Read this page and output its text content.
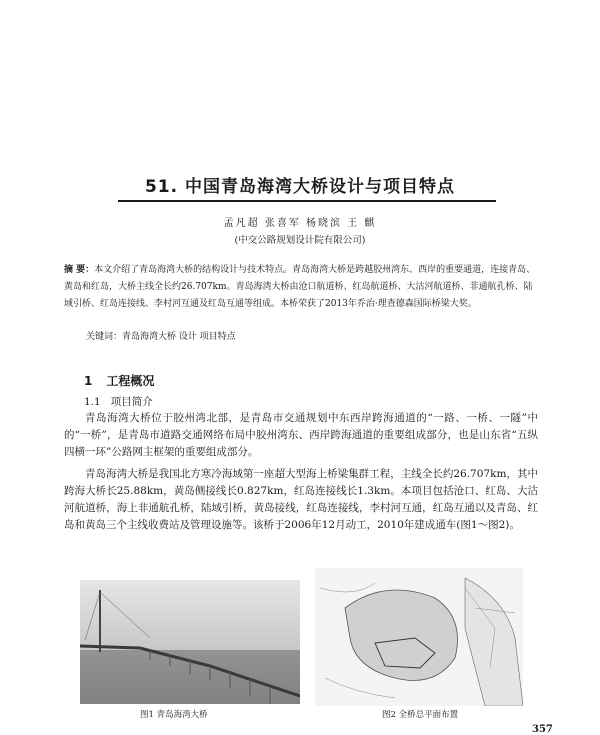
51. 中国青岛海湾大桥设计与项目特点
孟凡超 张喜军 杨晓滨 王 麒
(中交公路规划设计院有限公司)
摘 要：本文介绍了青岛海湾大桥的结构设计与技术特点。青岛海湾大桥是跨越胶州湾东、西岸的重要通道，连接青岛、黄岛和红岛，大桥主线全长约26.707km。青岛海湾大桥由沧口航道桥、红岛航道桥、大沽河航道桥、非通航孔桥、陆域引桥、红岛连接线、李村河互通及红岛互通等组成。本桥荣获了2013年乔治·理查德森国际桥梁大奖。
关键词：青岛海湾大桥 设计 项目特点
1 工程概况
1.1 项目简介
青岛海湾大桥位于胶州湾北部，是青岛市交通规划中东西岸跨海通道的“一路、一桥、一隧”中的“一桥”，是青岛市道路交通网络布局中胶州湾东、西岸跨海通道的重要组成部分，也是山东省“五纵四横一环”公路网主框架的重要组成部分。
青岛海湾大桥是我国北方寒冷海域第一座超大型海上桥梁集群工程，主线全长约26.707km，其中跨海大桥长25.88km，黄岛侧接线长0.827km，红岛连接线长1.3km。本项目包括沧口、红岛、大沽河航道桥，海上非通航孔桥，陆域引桥，黄岛接线，红岛连接线，李村河互通，红岛互通以及青岛、红岛和黄岛三个主线收费站及管理设施等。该桥于2006年12月动工，2010年建成通车(图1～图2)。
图1 青岛海湾大桥	图2 全桥总平面布置
357
